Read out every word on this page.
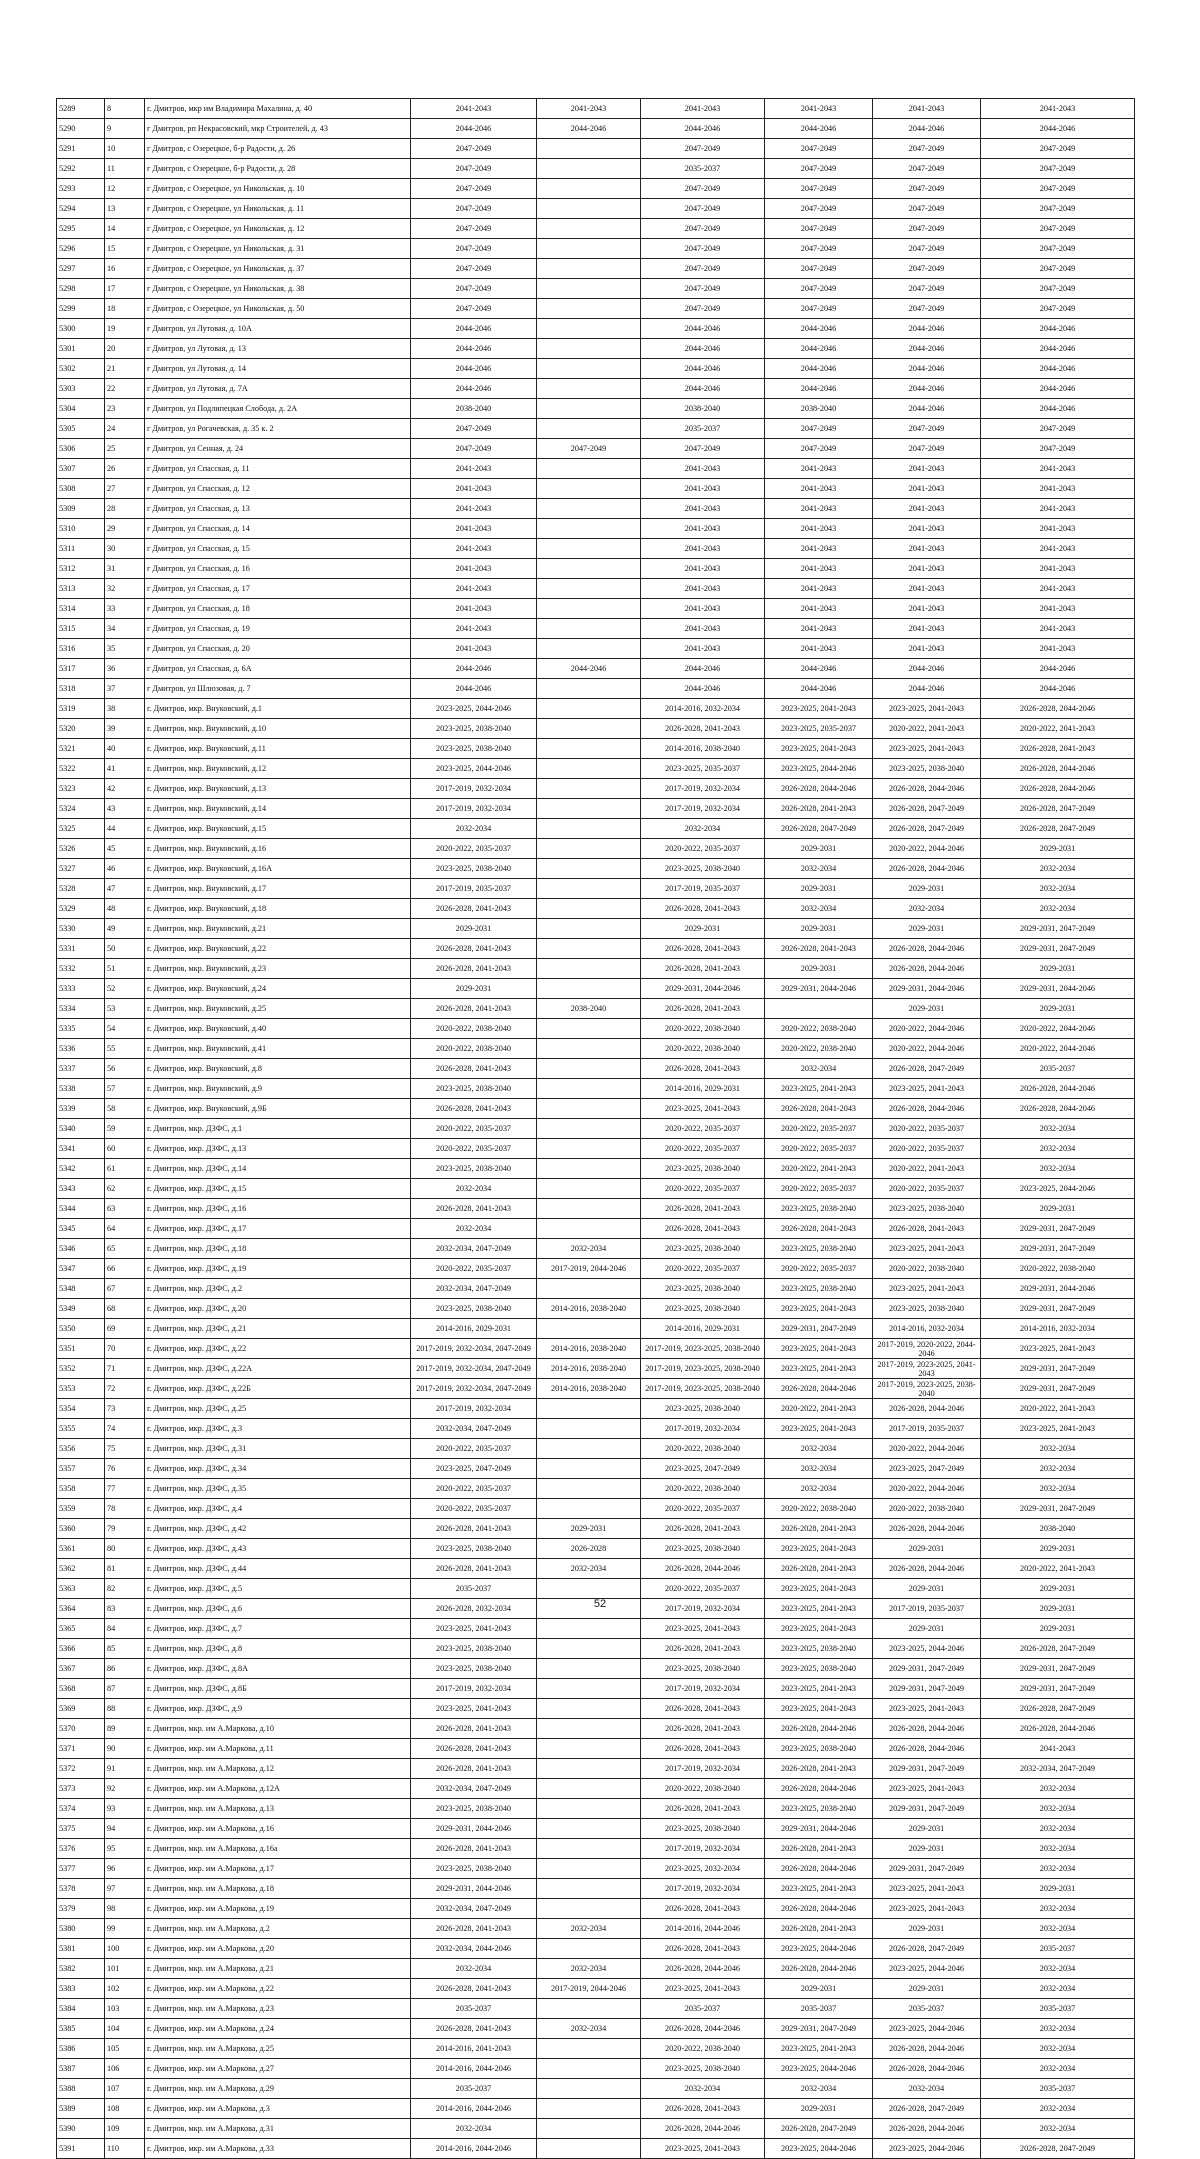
5289	8	г. Дмитров, мкр им Владимира Махалина, д. 40	2041-2043	2041-2043	2041-2043	2041-2043	2041-2043	2041-2043
5290	9	г Дмитров, рп Некрасовский, мкр Строителей, д. 43	2044-2046	2044-2046	2044-2046	2044-2046	2044-2046	2044-2046
5291	10	г Дмитров, с Озерецкое, б-р Радости, д. 26	2047-2049		2047-2049	2047-2049	2047-2049	2047-2049
5292	11	г Дмитров, с Озерецкое, б-р Радости, д. 28	2047-2049		2035-2037	2047-2049	2047-2049	2047-2049
5293	12	г Дмитров, с Озерецкое, ул Никольская, д. 10	2047-2049		2047-2049	2047-2049	2047-2049	2047-2049
5294	13	г Дмитров, с Озерецкое, ул Никольская, д. 11	2047-2049		2047-2049	2047-2049	2047-2049	2047-2049
5295	14	г Дмитров, с Озерецкое, ул Никольская, д. 12	2047-2049		2047-2049	2047-2049	2047-2049	2047-2049
5296	15	г Дмитров, с Озерецкое, ул Никольская, д. 31	2047-2049		2047-2049	2047-2049	2047-2049	2047-2049
5297	16	г Дмитров, с Озерецкое, ул Никольская, д. 37	2047-2049		2047-2049	2047-2049	2047-2049	2047-2049
5298	17	г Дмитров, с Озерецкое, ул Никольская, д. 38	2047-2049		2047-2049	2047-2049	2047-2049	2047-2049
5299	18	г Дмитров, с Озерецкое, ул Никольская, д. 50	2047-2049		2047-2049	2047-2049	2047-2049	2047-2049
5300	19	г Дмитров, ул Лутовая, д. 10А	2044-2046		2044-2046	2044-2046	2044-2046	2044-2046
5301	20	г Дмитров, ул Лутовая, д. 13	2044-2046		2044-2046	2044-2046	2044-2046	2044-2046
5302	21	г Дмитров, ул Лутовая, д. 14	2044-2046		2044-2046	2044-2046	2044-2046	2044-2046
5303	22	г Дмитров, ул Лутовая, д. 7А	2044-2046		2044-2046	2044-2046	2044-2046	2044-2046
5304	23	г Дмитров, ул Подлипецкая Слобода, д. 2А	2038-2040		2038-2040	2038-2040	2044-2046	2044-2046
5305	24	г Дмитров, ул Рогачевская, д. 35 к. 2	2047-2049		2035-2037	2047-2049	2047-2049	2047-2049
5306	25	г Дмитров, ул Сенная, д. 24	2047-2049	2047-2049	2047-2049	2047-2049	2047-2049	2047-2049
5307	26	г Дмитров, ул Спасская, д. 11	2041-2043		2041-2043	2041-2043	2041-2043	2041-2043
5308	27	г Дмитров, ул Спасская, д. 12	2041-2043		2041-2043	2041-2043	2041-2043	2041-2043
5309	28	г Дмитров, ул Спасская, д. 13	2041-2043		2041-2043	2041-2043	2041-2043	2041-2043
5310	29	г Дмитров, ул Спасская, д. 14	2041-2043		2041-2043	2041-2043	2041-2043	2041-2043
5311	30	г Дмитров, ул Спасская, д. 15	2041-2043		2041-2043	2041-2043	2041-2043	2041-2043
5312	31	г Дмитров, ул Спасская, д. 16	2041-2043		2041-2043	2041-2043	2041-2043	2041-2043
5313	32	г Дмитров, ул Спасская, д. 17	2041-2043		2041-2043	2041-2043	2041-2043	2041-2043
5314	33	г Дмитров, ул Спасская, д. 18	2041-2043		2041-2043	2041-2043	2041-2043	2041-2043
5315	34	г Дмитров, ул Спасская, д. 19	2041-2043		2041-2043	2041-2043	2041-2043	2041-2043
5316	35	г Дмитров, ул Спасская, д. 20	2041-2043		2041-2043	2041-2043	2041-2043	2041-2043
5317	36	г Дмитров, ул Спасская, д. 6А	2044-2046	2044-2046	2044-2046	2044-2046	2044-2046	2044-2046
5318	37	г Дмитров, ул Шлюзовая, д. 7	2044-2046		2044-2046	2044-2046	2044-2046	2044-2046
5319	38	г. Дмитров, мкр. Внуковский, д.1	2023-2025, 2044-2046		2014-2016, 2032-2034	2023-2025, 2041-2043	2023-2025, 2041-2043	2026-2028, 2044-2046
5320	39	г. Дмитров, мкр. Внуковский, д.10	2023-2025, 2038-2040		2026-2028, 2041-2043	2023-2025, 2035-2037	2020-2022, 2041-2043	2020-2022, 2041-2043
5321	40	г. Дмитров, мкр. Внуковский, д.11	2023-2025, 2038-2040		2014-2016, 2038-2040	2023-2025, 2041-2043	2023-2025, 2041-2043	2026-2028, 2041-2043
5322	41	г. Дмитров, мкр. Внуковский, д.12	2023-2025, 2044-2046		2023-2025, 2035-2037	2023-2025, 2044-2046	2023-2025, 2038-2040	2026-2028, 2044-2046
5323	42	г. Дмитров, мкр. Внуковский, д.13	2017-2019, 2032-2034		2017-2019, 2032-2034	2026-2028, 2044-2046	2026-2028, 2044-2046	2026-2028, 2044-2046
5324	43	г. Дмитров, мкр. Внуковский, д.14	2017-2019, 2032-2034		2017-2019, 2032-2034	2026-2028, 2041-2043	2026-2028, 2047-2049	2026-2028, 2047-2049
5325	44	г. Дмитров, мкр. Внуковский, д.15	2032-2034		2032-2034	2026-2028, 2047-2049	2026-2028, 2047-2049	2026-2028, 2047-2049
5326	45	г. Дмитров, мкр. Внуковский, д.16	2020-2022, 2035-2037		2020-2022, 2035-2037	2029-2031	2020-2022, 2044-2046	2029-2031
5327	46	г. Дмитров, мкр. Внуковский, д.16А	2023-2025, 2038-2040		2023-2025, 2038-2040	2032-2034	2026-2028, 2044-2046	2032-2034
5328	47	г. Дмитров, мкр. Внуковский, д.17	2017-2019, 2035-2037		2017-2019, 2035-2037	2029-2031	2029-2031	2032-2034
5329	48	г. Дмитров, мкр. Внуковский, д.18	2026-2028, 2041-2043		2026-2028, 2041-2043	2032-2034	2032-2034	2032-2034
5330	49	г. Дмитров, мкр. Внуковский, д.21	2029-2031		2029-2031	2029-2031	2029-2031	2029-2031, 2047-2049
5331	50	г. Дмитров, мкр. Внуковский, д.22	2026-2028, 2041-2043		2026-2028, 2041-2043	2026-2028, 2041-2043	2026-2028, 2044-2046	2029-2031, 2047-2049
5332	51	г. Дмитров, мкр. Внуковский, д.23	2026-2028, 2041-2043		2026-2028, 2041-2043	2029-2031	2026-2028, 2044-2046	2029-2031
5333	52	г. Дмитров, мкр. Внуковский, д.24	2029-2031		2029-2031, 2044-2046	2029-2031, 2044-2046	2029-2031, 2044-2046	2029-2031, 2044-2046
5334	53	г. Дмитров, мкр. Внуковский, д.25	2026-2028, 2041-2043	2038-2040	2026-2028, 2041-2043		2029-2031	2029-2031
5335	54	г. Дмитров, мкр. Внуковский, д.40	2020-2022, 2038-2040		2020-2022, 2038-2040	2020-2022, 2038-2040	2020-2022, 2044-2046	2020-2022, 2044-2046
5336	55	г. Дмитров, мкр. Внуковский, д.41	2020-2022, 2038-2040		2020-2022, 2038-2040	2020-2022, 2038-2040	2020-2022, 2044-2046	2020-2022, 2044-2046
5337	56	г. Дмитров, мкр. Внуковский, д.8	2026-2028, 2041-2043		2026-2028, 2041-2043	2032-2034	2026-2028, 2047-2049	2035-2037
5338	57	г. Дмитров, мкр. Внуковский, д.9	2023-2025, 2038-2040		2014-2016, 2029-2031	2023-2025, 2041-2043	2023-2025, 2041-2043	2026-2028, 2044-2046
5339	58	г. Дмитров, мкр. Внуковский, д.9Б	2026-2028, 2041-2043		2023-2025, 2041-2043	2026-2028, 2041-2043	2026-2028, 2044-2046	2026-2028, 2044-2046
5340	59	г. Дмитров, мкр. ДЗФС, д.1	2020-2022, 2035-2037		2020-2022, 2035-2037	2020-2022, 2035-2037	2020-2022, 2035-2037	2032-2034
5341	60	г. Дмитров, мкр. ДЗФС, д.13	2020-2022, 2035-2037		2020-2022, 2035-2037	2020-2022, 2035-2037	2020-2022, 2035-2037	2032-2034
5342	61	г. Дмитров, мкр. ДЗФС, д.14	2023-2025, 2038-2040		2023-2025, 2038-2040	2020-2022, 2041-2043	2020-2022, 2041-2043	2032-2034
5343	62	г. Дмитров, мкр. ДЗФС, д.15	2032-2034		2020-2022, 2035-2037	2020-2022, 2035-2037	2020-2022, 2035-2037	2023-2025, 2044-2046
5344	63	г. Дмитров, мкр. ДЗФС, д.16	2026-2028, 2041-2043		2026-2028, 2041-2043	2023-2025, 2038-2040	2023-2025, 2038-2040	2029-2031
5345	64	г. Дмитров, мкр. ДЗФС, д.17	2032-2034		2026-2028, 2041-2043	2026-2028, 2041-2043	2026-2028, 2041-2043	2029-2031, 2047-2049
5346	65	г. Дмитров, мкр. ДЗФС, д.18	2032-2034, 2047-2049	2032-2034	2023-2025, 2038-2040	2023-2025, 2038-2040	2023-2025, 2041-2043	2029-2031, 2047-2049
5347	66	г. Дмитров, мкр. ДЗФС, д.19	2020-2022, 2035-2037	2017-2019, 2044-2046	2020-2022, 2035-2037	2020-2022, 2035-2037	2020-2022, 2038-2040	2020-2022, 2038-2040
5348	67	г. Дмитров, мкр. ДЗФС, д.2	2032-2034, 2047-2049		2023-2025, 2038-2040	2023-2025, 2038-2040	2023-2025, 2041-2043	2029-2031, 2044-2046
5349	68	г. Дмитров, мкр. ДЗФС, д.20	2023-2025, 2038-2040	2014-2016, 2038-2040	2023-2025, 2038-2040	2023-2025, 2041-2043	2023-2025, 2038-2040	2029-2031, 2047-2049
5350	69	г. Дмитров, мкр. ДЗФС, д.21	2014-2016, 2029-2031		2014-2016, 2029-2031	2029-2031, 2047-2049	2014-2016, 2032-2034	2014-2016, 2032-2034
5351	70	г. Дмитров, мкр. ДЗФС, д.22	2017-2019, 2032-2034, 2047-2049	2014-2016, 2038-2040	2017-2019, 2023-2025, 2038-2040	2023-2025, 2041-2043	2017-2019, 2020-2022, 2044-2046	2023-2025, 2041-2043
5352	71	г. Дмитров, мкр. ДЗФС, д.22А	2017-2019, 2032-2034, 2047-2049	2014-2016, 2038-2040	2017-2019, 2023-2025, 2038-2040	2023-2025, 2041-2043	2017-2019, 2023-2025, 2041-2043	2029-2031, 2047-2049
5353	72	г. Дмитров, мкр. ДЗФС, д.22Б	2017-2019, 2032-2034, 2047-2049	2014-2016, 2038-2040	2017-2019, 2023-2025, 2038-2040	2026-2028, 2044-2046	2017-2019, 2023-2025, 2038-2040	2029-2031, 2047-2049
5354	73	г. Дмитров, мкр. ДЗФС, д.25	2017-2019, 2032-2034		2023-2025, 2038-2040	2020-2022, 2041-2043	2026-2028, 2044-2046	2020-2022, 2041-2043
5355	74	г. Дмитров, мкр. ДЗФС, д.3	2032-2034, 2047-2049		2017-2019, 2032-2034	2023-2025, 2041-2043	2017-2019, 2035-2037	2023-2025, 2041-2043
5356	75	г. Дмитров, мкр. ДЗФС, д.31	2020-2022, 2035-2037		2020-2022, 2038-2040	2032-2034	2020-2022, 2044-2046	2032-2034
5357	76	г. Дмитров, мкр. ДЗФС, д.34	2023-2025, 2047-2049		2023-2025, 2047-2049	2032-2034	2023-2025, 2047-2049	2032-2034
5358	77	г. Дмитров, мкр. ДЗФС, д.35	2020-2022, 2035-2037		2020-2022, 2038-2040	2032-2034	2020-2022, 2044-2046	2032-2034
5359	78	г. Дмитров, мкр. ДЗФС, д.4	2020-2022, 2035-2037		2020-2022, 2035-2037	2020-2022, 2038-2040	2020-2022, 2038-2040	2029-2031, 2047-2049
5360	79	г. Дмитров, мкр. ДЗФС, д.42	2026-2028, 2041-2043	2029-2031	2026-2028, 2041-2043	2026-2028, 2041-2043	2026-2028, 2044-2046	2038-2040
5361	80	г. Дмитров, мкр. ДЗФС, д.43	2023-2025, 2038-2040	2026-2028	2023-2025, 2038-2040	2023-2025, 2041-2043	2029-2031	2029-2031
5362	81	г. Дмитров, мкр. ДЗФС, д.44	2026-2028, 2041-2043	2032-2034	2026-2028, 2044-2046	2026-2028, 2041-2043	2026-2028, 2044-2046	2020-2022, 2041-2043
5363	82	г. Дмитров, мкр. ДЗФС, д.5	2035-2037		2020-2022, 2035-2037	2023-2025, 2041-2043	2029-2031	2029-2031
5364	83	г. Дмитров, мкр. ДЗФС, д.6	2026-2028, 2032-2034		2017-2019, 2032-2034	2023-2025, 2041-2043	2017-2019, 2035-2037	2029-2031
5365	84	г. Дмитров, мкр. ДЗФС, д.7	2023-2025, 2041-2043		2023-2025, 2041-2043	2023-2025, 2041-2043	2029-2031	2029-2031
5366	85	г. Дмитров, мкр. ДЗФС, д.8	2023-2025, 2038-2040		2026-2028, 2041-2043	2023-2025, 2038-2040	2023-2025, 2044-2046	2026-2028, 2047-2049
5367	86	г. Дмитров, мкр. ДЗФС, д.8А	2023-2025, 2038-2040		2023-2025, 2038-2040	2023-2025, 2038-2040	2029-2031, 2047-2049	2029-2031, 2047-2049
5368	87	г. Дмитров, мкр. ДЗФС, д.8Б	2017-2019, 2032-2034		2017-2019, 2032-2034	2023-2025, 2041-2043	2029-2031, 2047-2049	2029-2031, 2047-2049
5369	88	г. Дмитров, мкр. ДЗФС, д.9	2023-2025, 2041-2043		2026-2028, 2041-2043	2023-2025, 2041-2043	2023-2025, 2041-2043	2026-2028, 2047-2049
5370	89	г. Дмитров, мкр. им А.Маркова, д.10	2026-2028, 2041-2043		2026-2028, 2041-2043	2026-2028, 2044-2046	2026-2028, 2044-2046	2026-2028, 2044-2046
5371	90	г. Дмитров, мкр. им А.Маркова, д.11	2026-2028, 2041-2043		2026-2028, 2041-2043	2023-2025, 2038-2040	2026-2028, 2044-2046	2041-2043
5372	91	г. Дмитров, мкр. им А.Маркова, д.12	2026-2028, 2041-2043		2017-2019, 2032-2034	2026-2028, 2041-2043	2029-2031, 2047-2049	2032-2034, 2047-2049
5373	92	г. Дмитров, мкр. им А.Маркова, д.12А	2032-2034, 2047-2049		2020-2022, 2038-2040	2026-2028, 2044-2046	2023-2025, 2041-2043	2032-2034
5374	93	г. Дмитров, мкр. им А.Маркова, д.13	2023-2025, 2038-2040		2026-2028, 2041-2043	2023-2025, 2038-2040	2029-2031, 2047-2049	2032-2034
5375	94	г. Дмитров, мкр. им А.Маркова, д.16	2029-2031, 2044-2046		2023-2025, 2038-2040	2029-2031, 2044-2046	2029-2031	2032-2034
5376	95	г. Дмитров, мкр. им А.Маркова, д.16а	2026-2028, 2041-2043		2017-2019, 2032-2034	2026-2028, 2041-2043	2029-2031	2032-2034
5377	96	г. Дмитров, мкр. им А.Маркова, д.17	2023-2025, 2038-2040		2023-2025, 2032-2034	2026-2028, 2044-2046	2029-2031, 2047-2049	2032-2034
5378	97	г. Дмитров, мкр. им А.Маркова, д.18	2029-2031, 2044-2046		2017-2019, 2032-2034	2023-2025, 2041-2043	2023-2025, 2041-2043	2029-2031
5379	98	г. Дмитров, мкр. им А.Маркова, д.19	2032-2034, 2047-2049		2026-2028, 2041-2043	2026-2028, 2044-2046	2023-2025, 2041-2043	2032-2034
5380	99	г. Дмитров, мкр. им А.Маркова, д.2	2026-2028, 2041-2043	2032-2034	2014-2016, 2044-2046	2026-2028, 2041-2043	2029-2031	2032-2034
5381	100	г. Дмитров, мкр. им А.Маркова, д.20	2032-2034, 2044-2046		2026-2028, 2041-2043	2023-2025, 2044-2046	2026-2028, 2047-2049	2035-2037
5382	101	г. Дмитров, мкр. им А.Маркова, д.21	2032-2034	2032-2034	2026-2028, 2044-2046	2026-2028, 2044-2046	2023-2025, 2044-2046	2032-2034
5383	102	г. Дмитров, мкр. им А.Маркова, д.22	2026-2028, 2041-2043	2017-2019, 2044-2046	2023-2025, 2041-2043	2029-2031	2029-2031	2032-2034
5384	103	г. Дмитров, мкр. им А.Маркова, д.23	2035-2037		2035-2037	2035-2037	2035-2037	2035-2037
5385	104	г. Дмитров, мкр. им А.Маркова, д.24	2026-2028, 2041-2043	2032-2034	2026-2028, 2044-2046	2029-2031, 2047-2049	2023-2025, 2044-2046	2032-2034
5386	105	г. Дмитров, мкр. им А.Маркова, д.25	2014-2016, 2041-2043		2020-2022, 2038-2040	2023-2025, 2041-2043	2026-2028, 2044-2046	2032-2034
5387	106	г. Дмитров, мкр. им А.Маркова, д.27	2014-2016, 2044-2046		2023-2025, 2038-2040	2023-2025, 2044-2046	2026-2028, 2044-2046	2032-2034
5388	107	г. Дмитров, мкр. им А.Маркова, д.29	2035-2037		2032-2034	2032-2034	2032-2034	2035-2037
5389	108	г. Дмитров, мкр. им А.Маркова, д.3	2014-2016, 2044-2046		2026-2028, 2041-2043	2029-2031	2026-2028, 2047-2049	2032-2034
5390	109	г. Дмитров, мкр. им А.Маркова, д.31	2032-2034		2026-2028, 2044-2046	2026-2028, 2047-2049	2026-2028, 2044-2046	2032-2034
5391	110	г. Дмитров, мкр. им А.Маркова, д.33	2014-2016, 2044-2046		2023-2025, 2041-2043	2023-2025, 2044-2046	2023-2025, 2044-2046	2026-2028, 2047-2049
52
